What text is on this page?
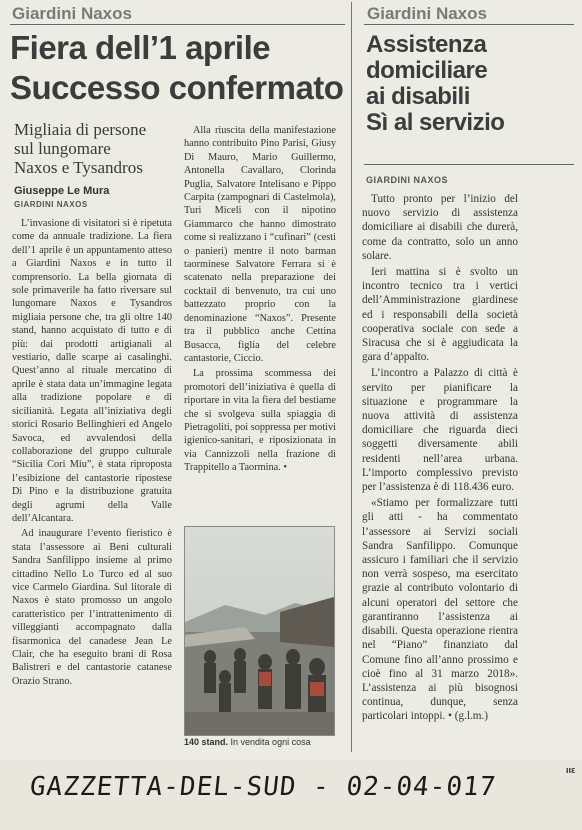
Giardini Naxos
Fiera dell’1 aprile
Successo confermato
Migliaia di persone
sul lungomare
Naxos e Tysandros
Giuseppe Le Mura
GIARDINI NAXOS

L’invasione di visitatori si è ripetuta come da annuale tradizione. La fiera dell’1 aprile è un appuntamento atteso a Giardini Naxos e in tutto il comprensorio. La bella giornata di sole primaverile ha fatto riversare sul lungomare Naxos e Tysandros migliaia persone che, tra gli oltre 140 stand, hanno acquistato di tutto e di più: dai prodotti artigianali al vestiario, dalle scarpe ai casalinghi. Quest’anno al rituale mercatino di aprile è stata data un’immagine legata alla tradizione popolare e di sicilianità. Legata all’iniziativa degli storici Rosario Bellinghieri ed Angelo Savoca, ed avvalendosi della collaborazione del gruppo culturale “Sicilia Cori Miu”, è stata riproposta l’esibizione del cantastorie ripostese Di Pino e la distribuzione gratuita degli agrumi della Valle dell’Alcantara.

Ad inaugurare l’evento fieristico è stata l’assessore ai Beni culturali Sandra Sanfilippo insieme al primo cittadino Nello Lo Turco ed al suo vice Carmelo Giardina. Sul litorale di Naxos è stato promosso un angolo caratteristico per l’intrattenimento di villeggianti accompagnato dalla fisarmonica del canadese Jean Le Clair, che ha eseguito brani di Rosa Balistreri e del cantastorie catanese Orazio Strano.

Alla riuscita della manifestazione hanno contribuito Pino Parisi, Giusy Di Mauro, Mario Guillermo, Antonella Cavallaro, Clorinda Puglia, Salvatore Intelisano e Pippo Carpita (zampognari di Castelmola), Turi Miceli con il nipotino Giammarco che hanno dimostrato come si realizzano i “cufinari” (cesti o panieri) mentre il noto barman taorminese Salvatore Ferrara si è scatenato nella preparazione dei cocktail di benvenuto, tra cui uno battezzato proprio con la denominazione “Naxos”. Presente tra il pubblico anche Cettina Busacca, figlia del celebre cantastorie, Ciccio.

La prossima scommessa dei promotori dell’iniziativa è quella di riportare in vita la fiera del bestiame che si svolgeva sulla spiaggia di Pietragoliti, poi soppressa per motivi igienico-sanitari, e riposizionata in via Cannizzoli nella frazione di Trappitello a Taormina. •

140 stand. In vendita ogni cosa
Giardini Naxos
Assistenza
domiciliare
ai disabili
Sì al servizio
GIARDINI NAXOS

Tutto pronto per l’inizio del nuovo servizio di assistenza domiciliare ai disabili che durerà, come da contratto, solo un anno solare.

Ieri mattina si è svolto un incontro tecnico tra i vertici dell’Amministrazione giardinese ed i responsabili della società cooperativa sociale con sede a Siracusa che si è aggiudicata la gara d’appalto.

L’incontro a Palazzo di città è servito per pianificare la situazione e programmare la nuova attività di assistenza domiciliare che riguarda dieci soggetti diversamente abili residenti nell’area urbana. L’importo complessivo previsto per l’assistenza è di 118.436 euro.

«Stiamo per formalizzare tutti gli atti - ha commentato l’assessore ai Servizi sociali Sandra Sanfilippo. Comunque assicuro i familiari che il servizio non verrà sospeso, ma esercitato grazie al contributo volontario di alcuni operatori del settore che garantiranno l’assistenza ai disabili. Questa operazione rientra nel “Piano” finanziato dal Comune fino all’anno prossimo e cioè fino al 31 marzo 2018». L’assistenza ai più bisognosi continua, dunque, senza particolari intoppi. • (g.l.m.)

ιιε
GAZZETTA-DEL-SUD - 02-04-017
